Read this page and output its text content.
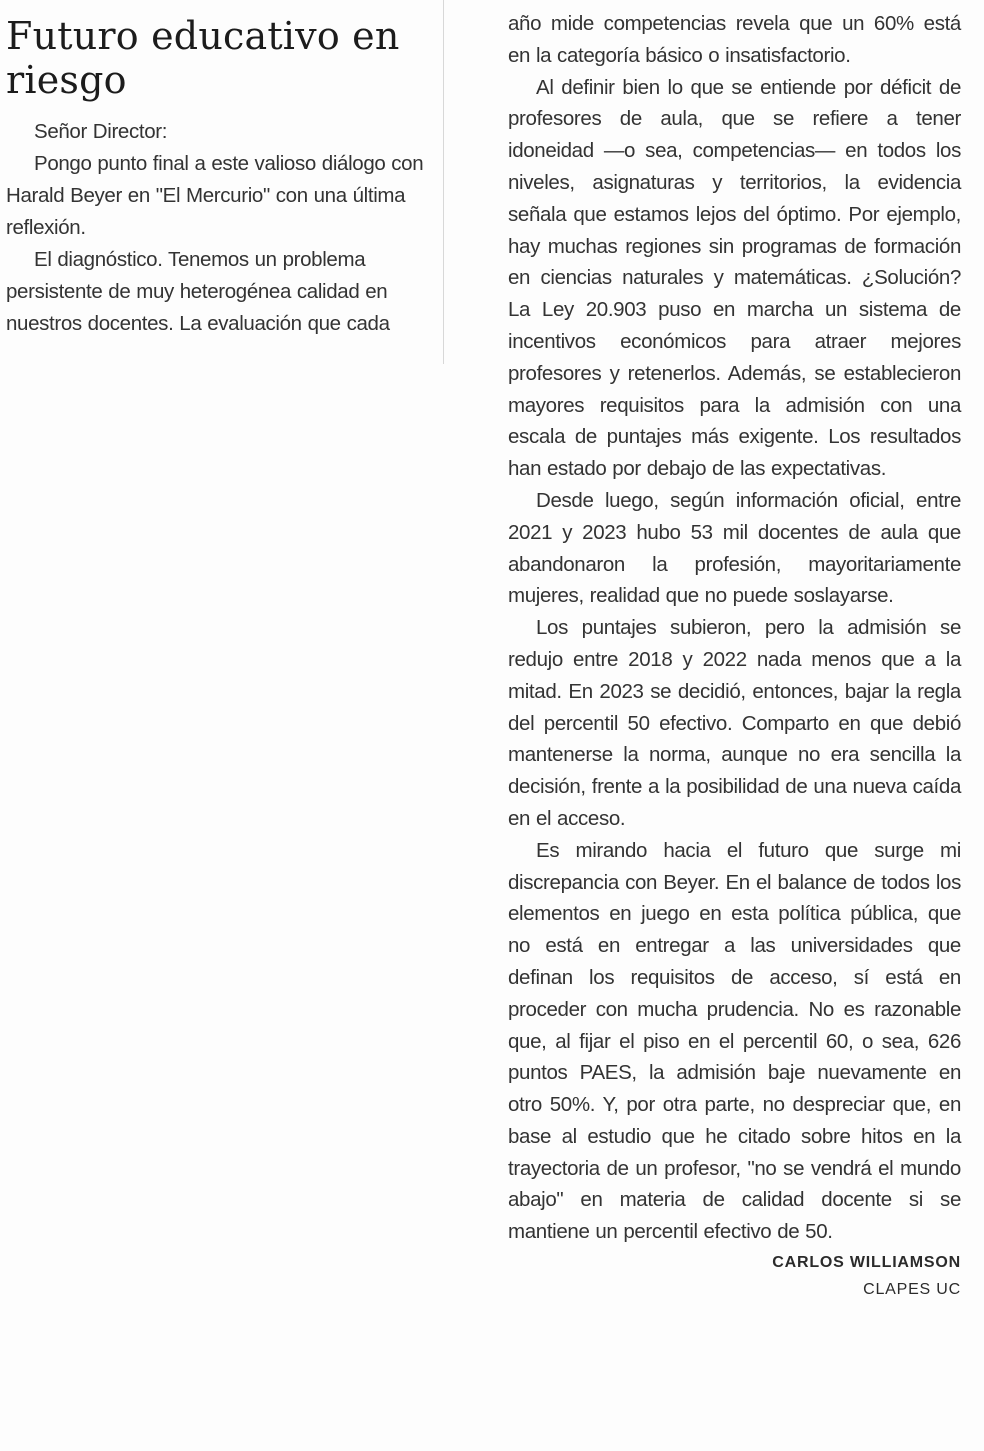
Futuro educativo en riesgo

Señor Director:

Pongo punto final a este valioso diálogo con Harald Beyer en "El Mercurio" con una última reflexión.

El diagnóstico. Tenemos un problema persistente de muy heterogénea calidad en nuestros docentes. La evaluación que cada

año mide competencias revela que un 60% está en la categoría básico o insatisfactorio.

Al definir bien lo que se entiende por déficit de profesores de aula, que se refiere a tener idoneidad —o sea, competencias— en todos los niveles, asignaturas y territorios, la evidencia señala que estamos lejos del óptimo. Por ejemplo, hay muchas regiones sin programas de formación en ciencias naturales y matemáticas. ¿Solución? La Ley 20.903 puso en marcha un sistema de incentivos económicos para atraer mejores profesores y retenerlos. Además, se establecieron mayores requisitos para la admisión con una escala de puntajes más exigente. Los resultados han estado por debajo de las expectativas.

Desde luego, según información oficial, entre 2021 y 2023 hubo 53 mil docentes de aula que abandonaron la profesión, mayoritariamente mujeres, realidad que no puede soslayarse.

Los puntajes subieron, pero la admisión se redujo entre 2018 y 2022 nada menos que a la mitad. En 2023 se decidió, entonces, bajar la regla del percentil 50 efectivo. Comparto en que debió mantenerse la norma, aunque no era sencilla la decisión, frente a la posibilidad de una nueva caída en el acceso.

Es mirando hacia el futuro que surge mi discrepancia con Beyer. En el balance de todos los elementos en juego en esta política pública, que no está en entregar a las universidades que definan los requisitos de acceso, sí está en proceder con mucha prudencia. No es razonable que, al fijar el piso en el percentil 60, o sea, 626 puntos PAES, la admisión baje nuevamente en otro 50%. Y, por otra parte, no despreciar que, en base al estudio que he citado sobre hitos en la trayectoria de un profesor, "no se vendrá el mundo abajo" en materia de calidad docente si se mantiene un percentil efectivo de 50.

CARLOS WILLIAMSON
CLAPES UC
